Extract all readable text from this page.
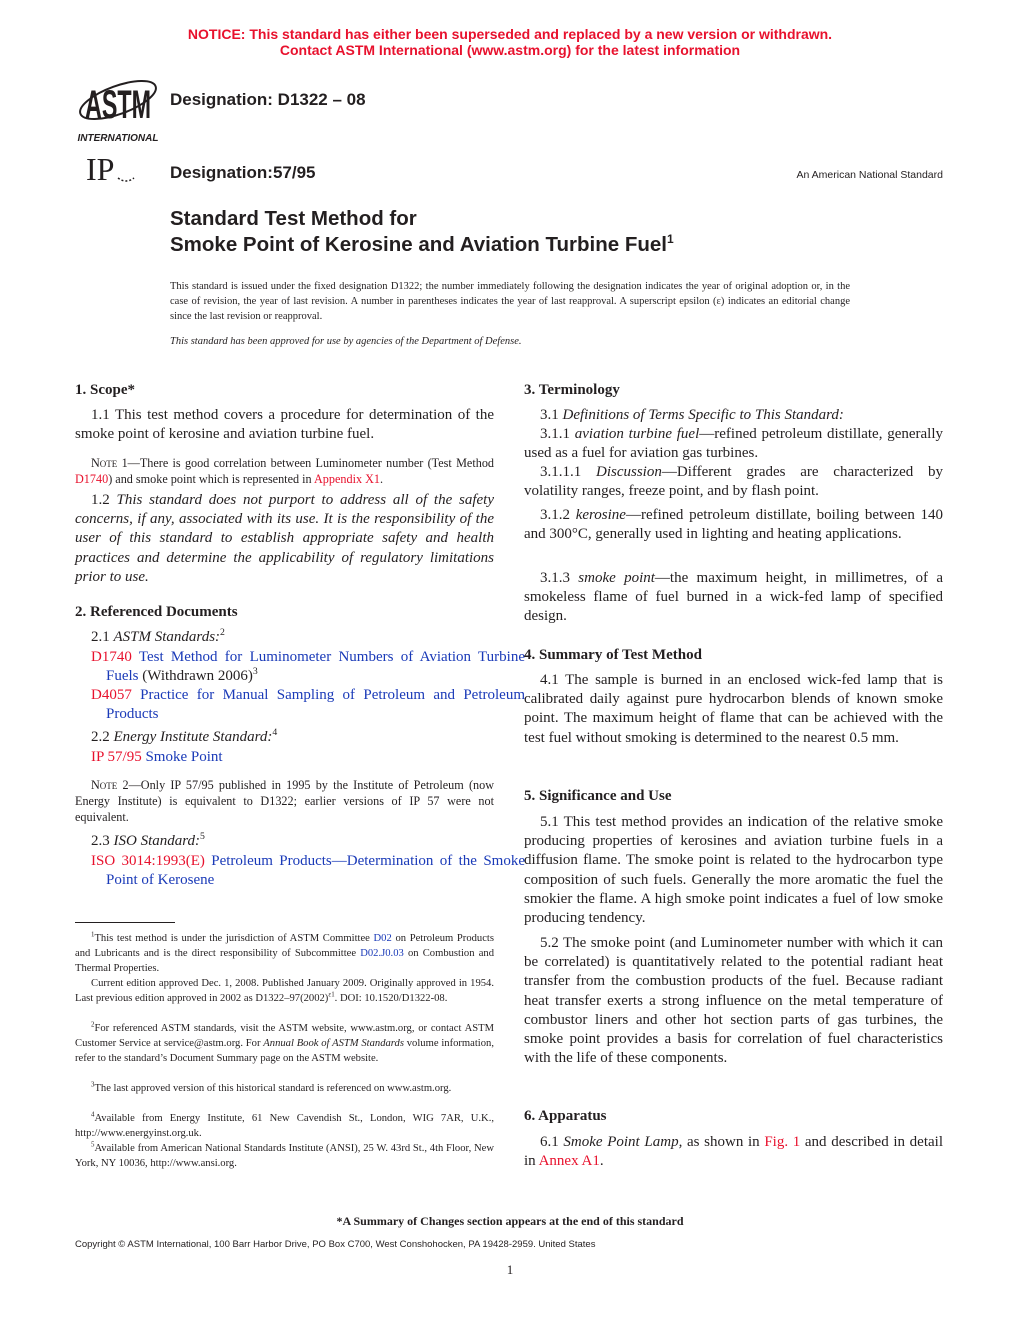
NOTICE: This standard has either been superseded and replaced by a new version or withdrawn.
Contact ASTM International (www.astm.org) for the latest information
ASTM
INTERNATIONAL
IP
Designation: D1322 – 08
Designation:57/95	An American National Standard
Standard Test Method for
Smoke Point of Kerosine and Aviation Turbine Fuel$^1$

This standard is issued under the fixed designation D1322; the number immediately following the designation indicates the year of original adoption or, in the case of revision, the year of last revision. A number in parentheses indicates the year of last reapproval. A superscript epsilon (ε) indicates an editorial change since the last revision or reapproval.

This standard has been approved for use by agencies of the Department of Defense.

*A Summary of Changes section appears at the end of this standard
Copyright © ASTM International, 100 Barr Harbor Drive, PO Box C700, West Conshohocken, PA 19428-2959. United States
1

1. Scope*

1.1 This test method covers a procedure for determination of the smoke point of kerosine and aviation turbine fuel.

Note 1—There is good correlation between Luminometer number (Test Method D1740) and smoke point which is represented in Appendix X1.

1.2 This standard does not purport to address all of the safety concerns, if any, associated with its use. It is the responsibility of the user of this standard to establish appropriate safety and health practices and determine the applicability of regulatory limitations prior to use.

2. Referenced Documents

2.1 ASTM Standards:$^2$

D1740 Test Method for Luminometer Numbers of Aviation Turbine Fuels (Withdrawn 2006)$^3$

D4057 Practice for Manual Sampling of Petroleum and Petroleum Products

2.2 Energy Institute Standard:$^4$

IP 57/95 Smoke Point

Note 2—Only IP 57/95 published in 1995 by the Institute of Petroleum (now Energy Institute) is equivalent to D1322; earlier versions of IP 57 were not equivalent.

2.3 ISO Standard:$^5$

ISO 3014:1993(E) Petroleum Products—Determination of the Smoke Point of Kerosene

3. Terminology

3.1 Definitions of Terms Specific to This Standard:

3.1.1 aviation turbine fuel—refined petroleum distillate, generally used as a fuel for aviation gas turbines.

3.1.1.1 Discussion—Different grades are characterized by volatility ranges, freeze point, and by flash point.

3.1.2 kerosine—refined petroleum distillate, boiling between 140 and 300°C, generally used in lighting and heating applications.

3.1.3 smoke point—the maximum height, in millimetres, of a smokeless flame of fuel burned in a wick-fed lamp of specified design.

4. Summary of Test Method

4.1 The sample is burned in an enclosed wick-fed lamp that is calibrated daily against pure hydrocarbon blends of known smoke point. The maximum height of flame that can be achieved with the test fuel without smoking is determined to the nearest 0.5 mm.

5. Significance and Use

5.1 This test method provides an indication of the relative smoke producing properties of kerosines and aviation turbine fuels in a diffusion flame. The smoke point is related to the hydrocarbon type composition of such fuels. Generally the more aromatic the fuel the smokier the flame. A high smoke point indicates a fuel of low smoke producing tendency.

5.2 The smoke point (and Luminometer number with which it can be correlated) is quantitatively related to the potential radiant heat transfer from the combustion products of the fuel. Because radiant heat transfer exerts a strong influence on the metal temperature of combustor liners and other hot section parts of gas turbines, the smoke point provides a basis for correlation of fuel characteristics with the life of these components.

6. Apparatus

6.1 Smoke Point Lamp, as shown in Fig. 1 and described in detail in Annex A1.

$^1$This test method is under the jurisdiction of ASTM Committee D02 on Petroleum Products and Lubricants and is the direct responsibility of Subcommittee D02.J0.03 on Combustion and Thermal Properties.

Current edition approved Dec. 1, 2008. Published January 2009. Originally approved in 1954. Last previous edition approved in 2002 as $D1322-97(2002)^{\varepsilon 1}$. DOI: 10.1520/D1322-08.

$^2$For referenced ASTM standards, visit the ASTM website, www.astm.org, or contact ASTM Customer Service at service@astm.org. For Annual Book of ASTM Standards volume information, refer to the standard’s Document Summary page on the ASTM website.

$^3$The last approved version of this historical standard is referenced on www.astm.org.

$^4$Available from Energy Institute, 61 New Cavendish St., London, WIG 7AR, U.K., http://www.energyinst.org.uk.

$^5$Available from American National Standards Institute (ANSI), 25 W. 43rd St., 4th Floor, New York, NY 10036, http://www.ansi.org.
